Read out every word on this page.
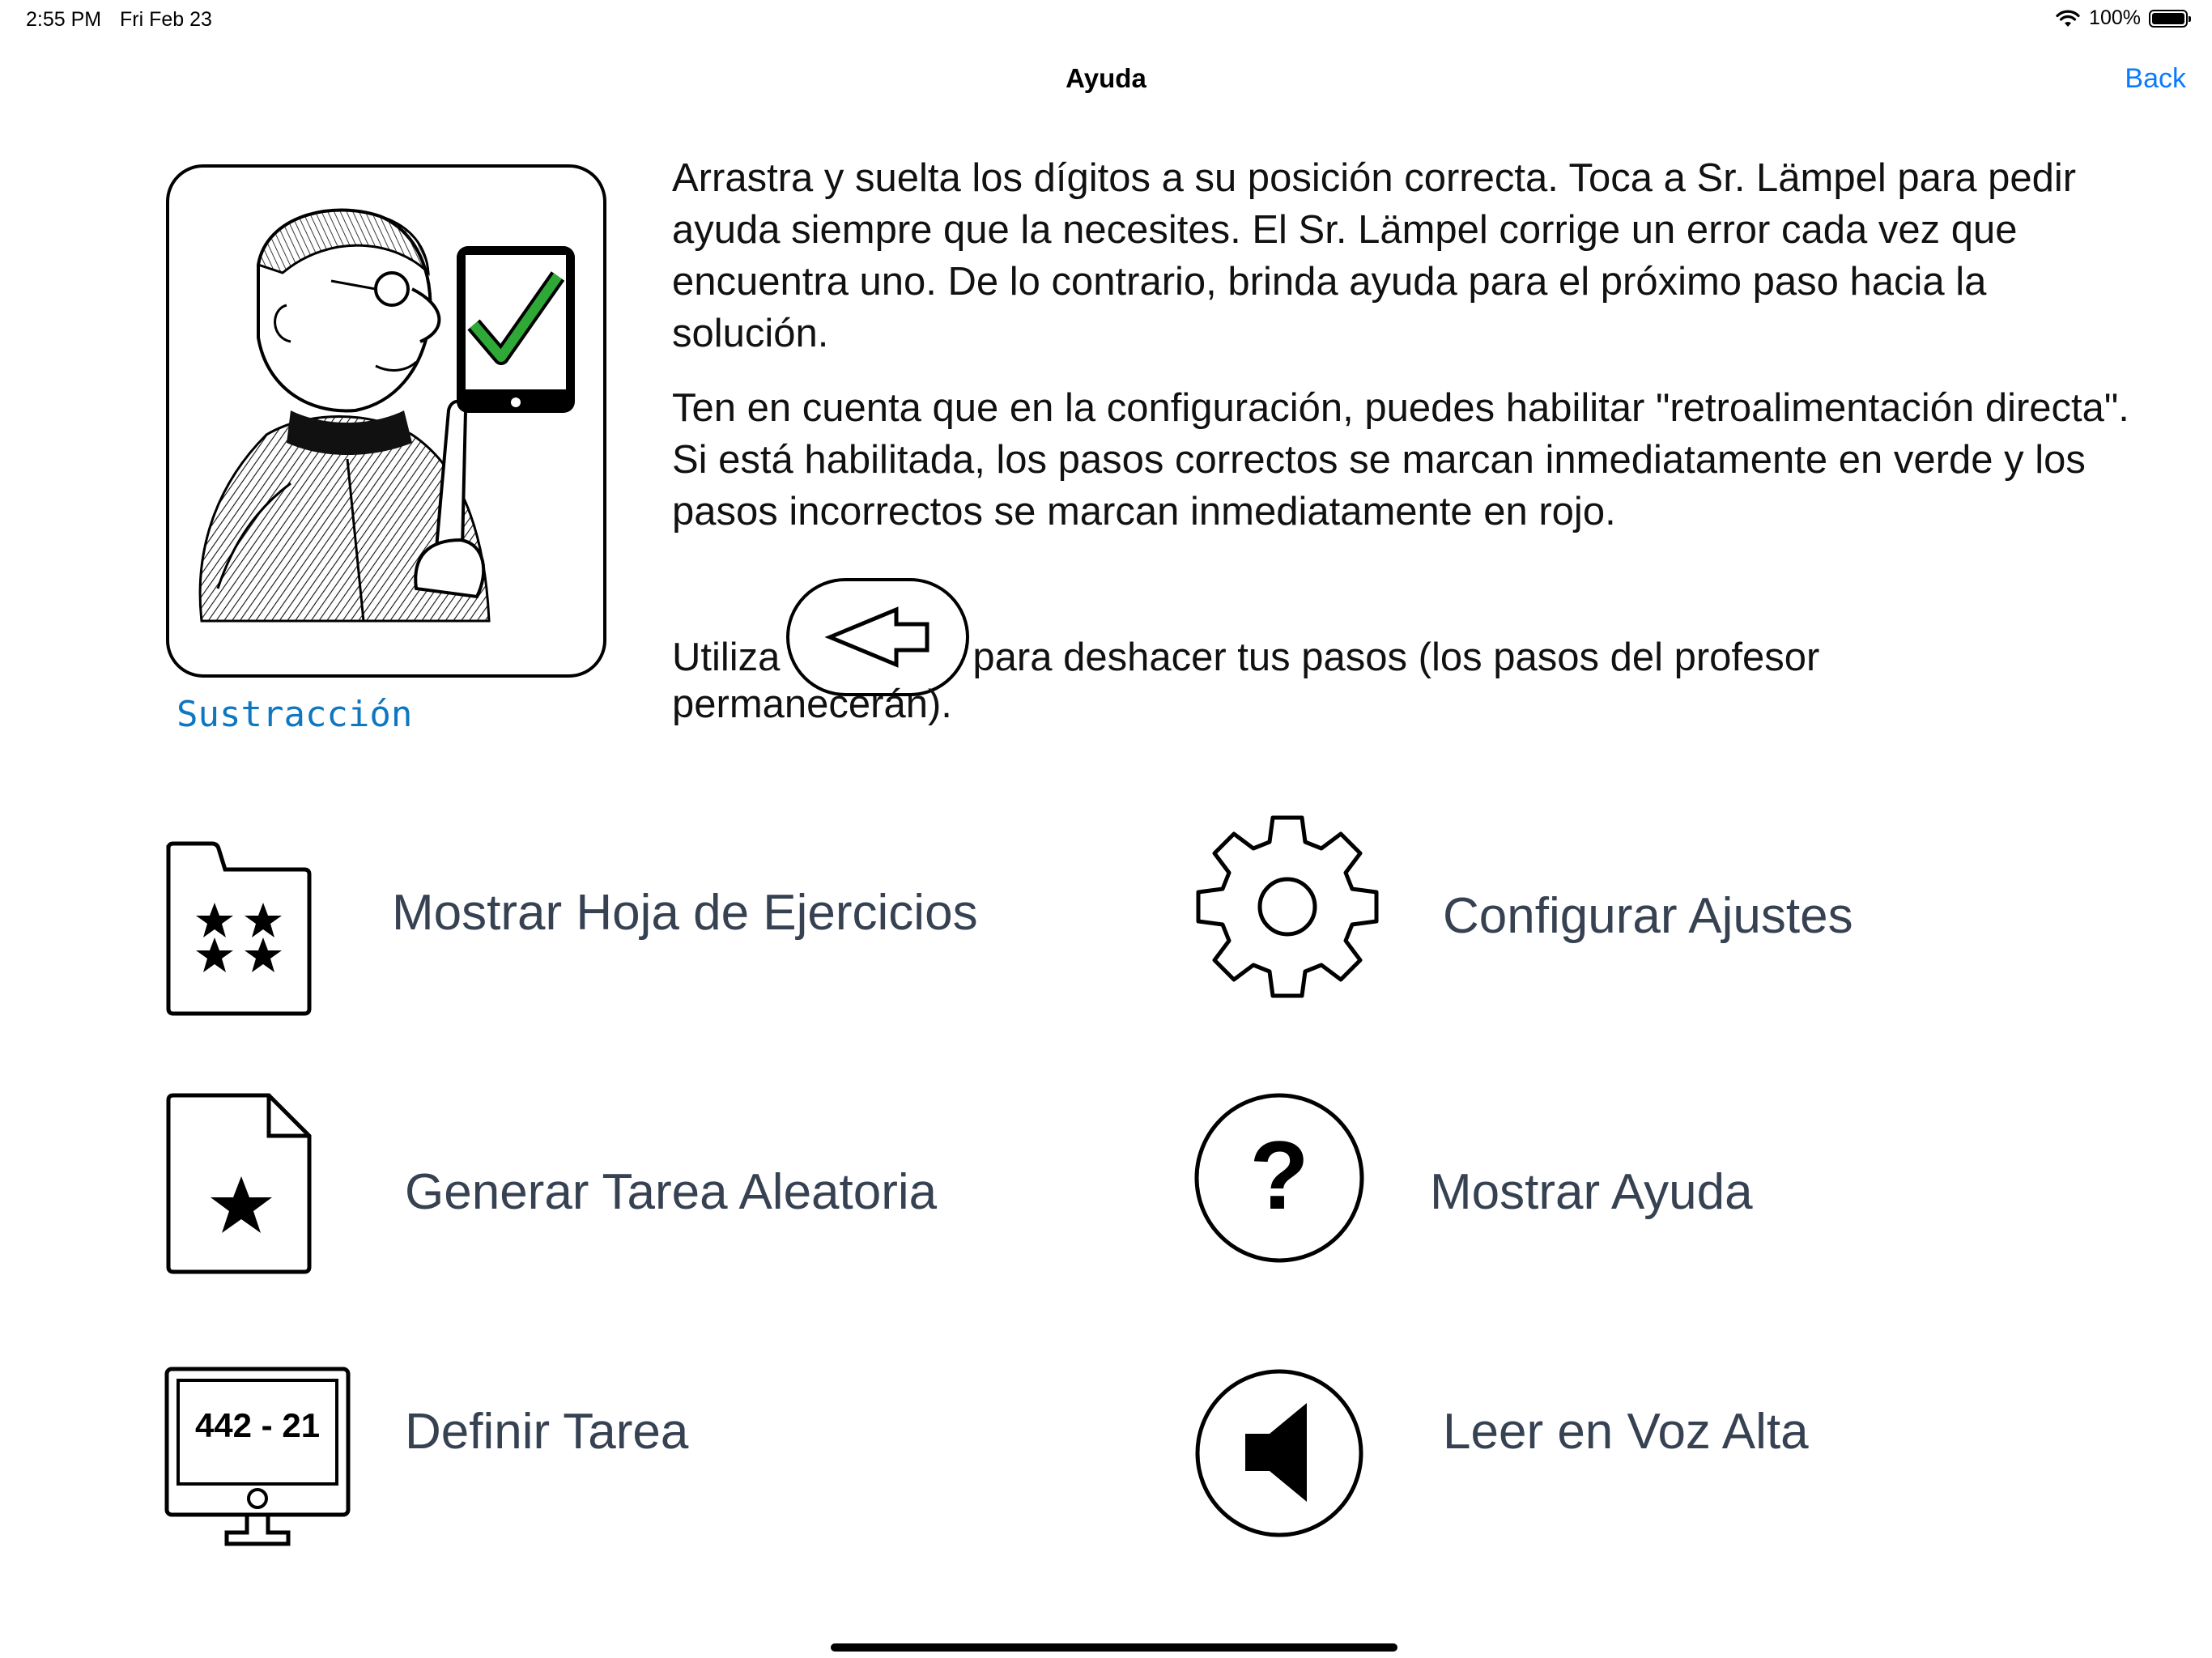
2:55 PM Fri Feb 23	100%
Ayuda	Back
Sustracción
Arrastra y suelta los dígitos a su posición correcta. Toca a Sr. Lämpel para pedir ayuda siempre que la necesites. El Sr. Lämpel corrige un error cada vez que encuentra uno. De lo contrario, brinda ayuda para el próximo paso hacia la solución.
Ten en cuenta que en la configuración, puedes habilitar "retroalimentación directa". Si está habilitada, los pasos correctos se marcan inmediatamente en verde y los pasos incorrectos se marcan inmediatamente en rojo.
Utiliza	para deshacer tus pasos (los pasos del profesor
permanecerán).
Mostrar Hoja de Ejercicios	Configurar Ajustes
Generar Tarea Aleatoria	? Mostrar Ayuda
442 - 21	Definir Tarea	Leer en Voz Alta
